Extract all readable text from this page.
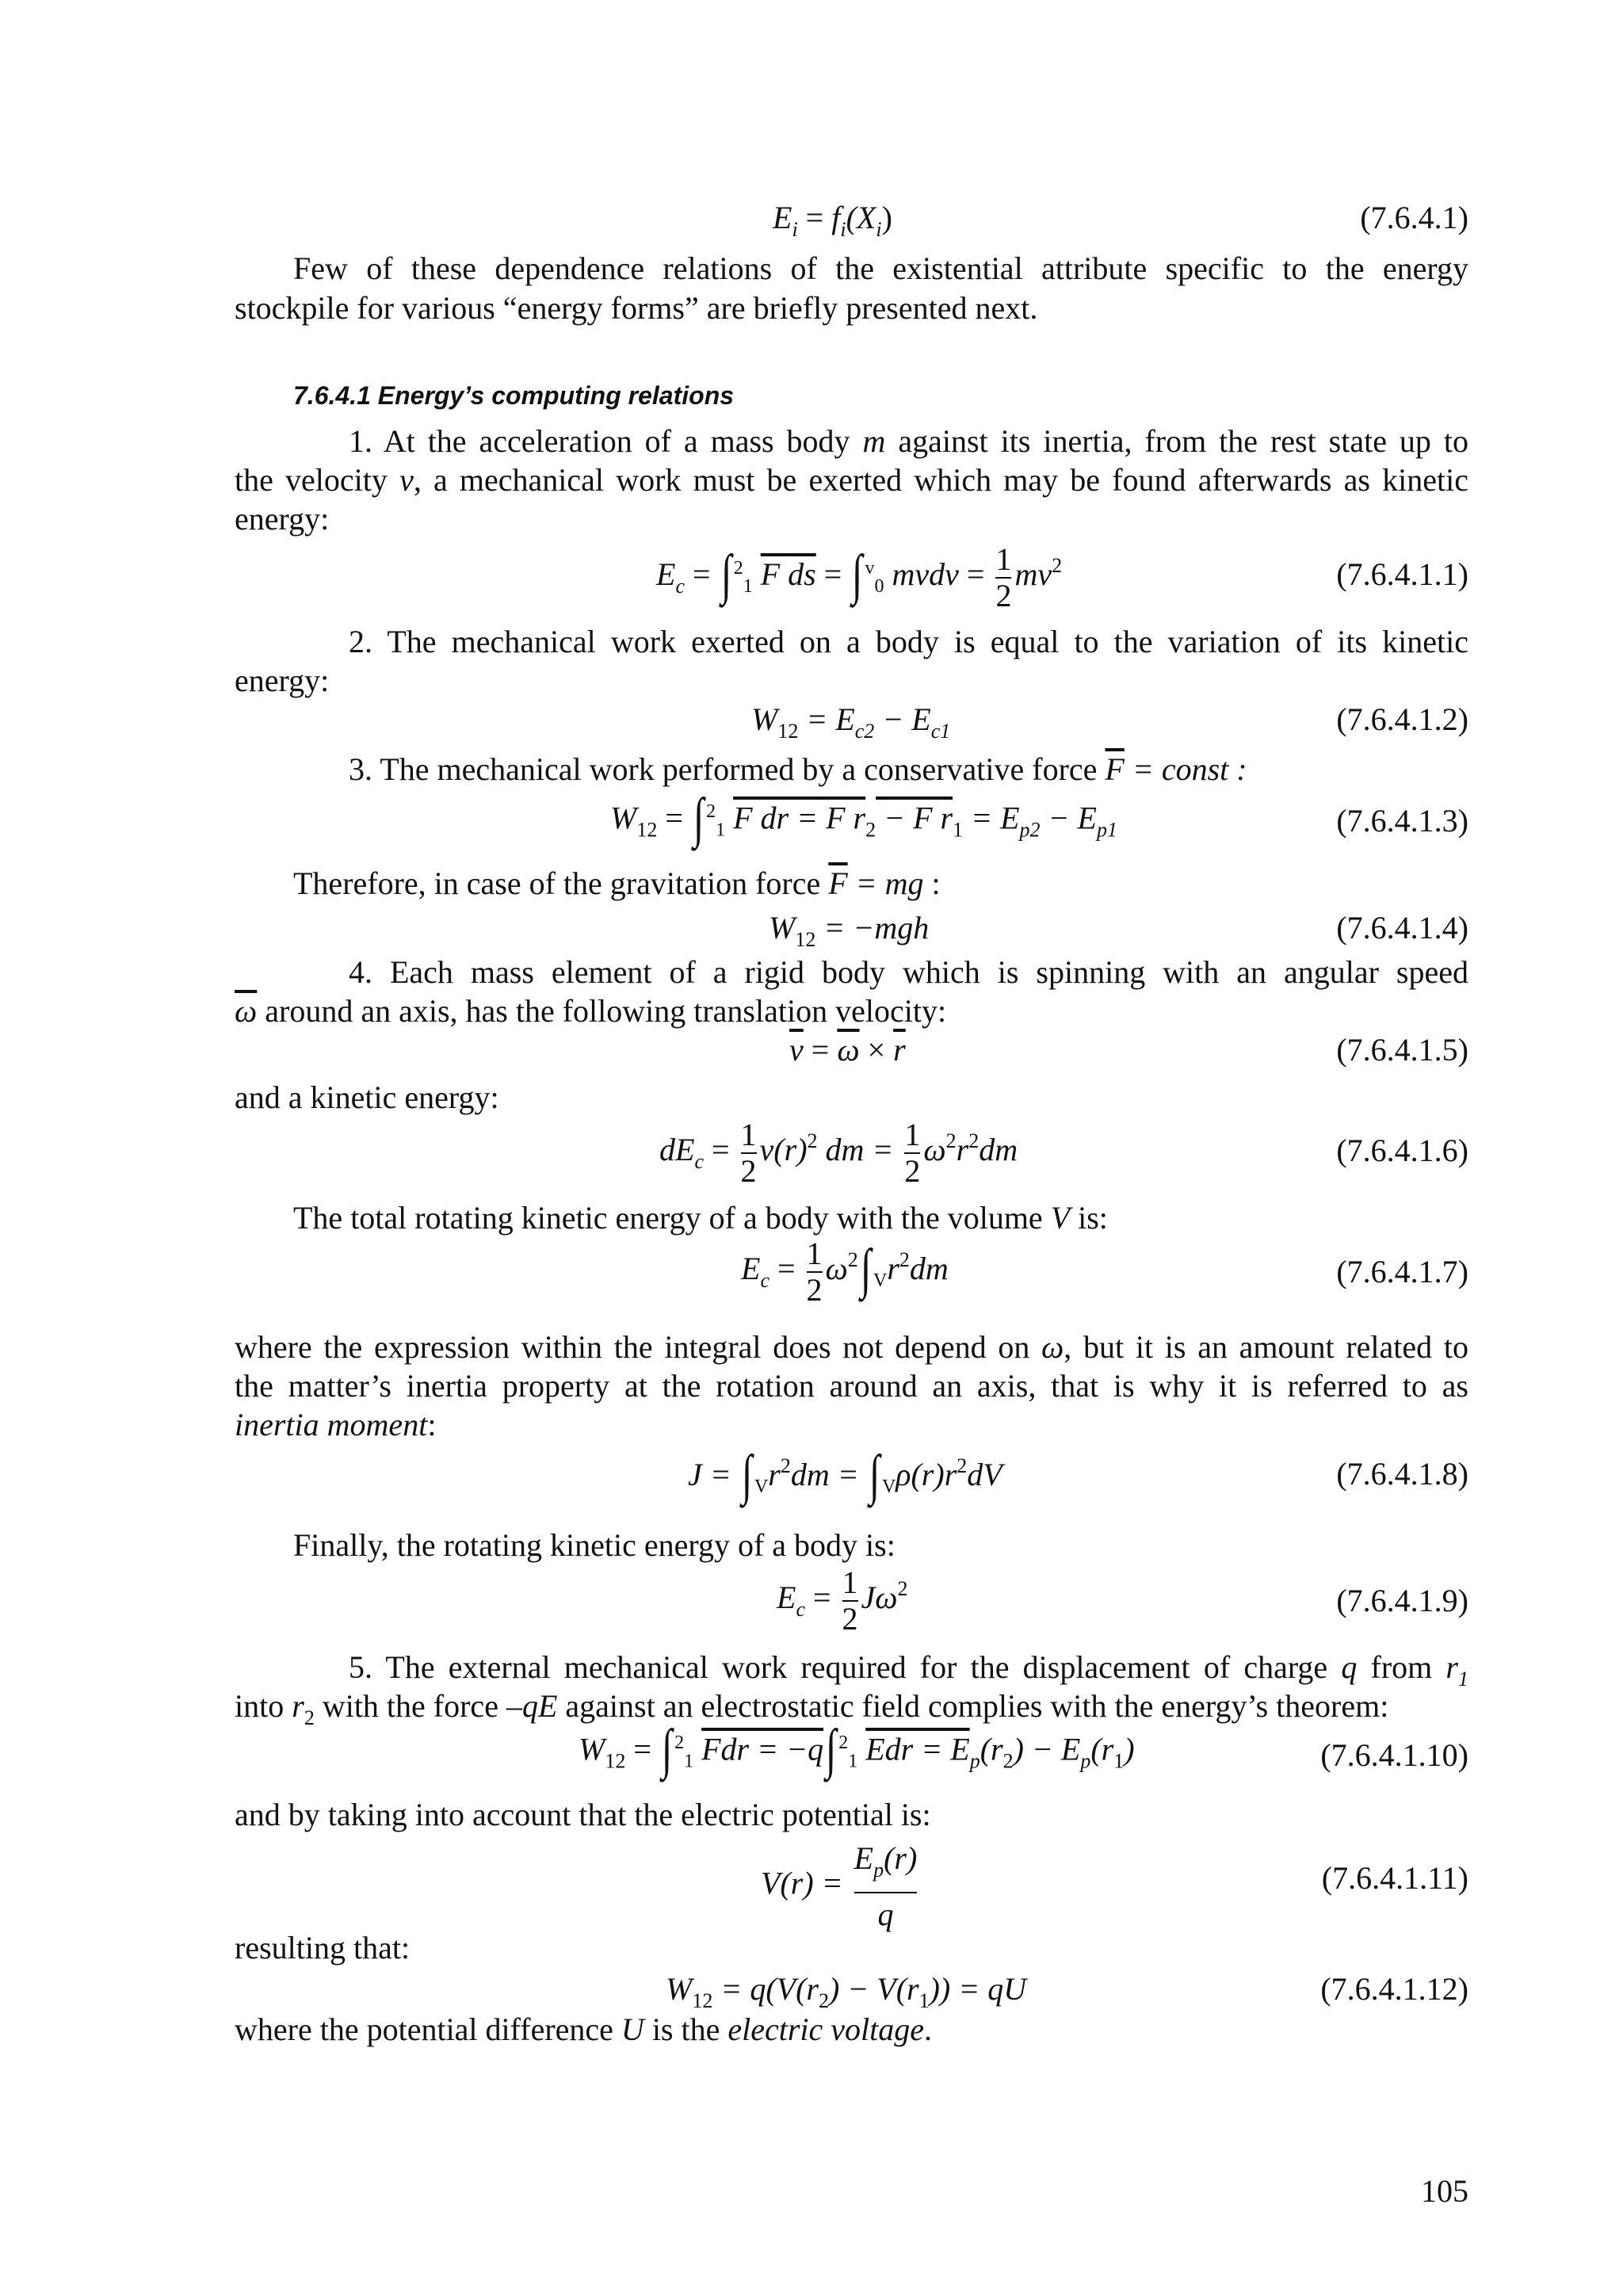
$E_i = f_i(X_i)$	(7.6.4.1)
Few of these dependence relations of the existential attribute specific to the energy
stockpile for various “energy forms” are briefly presented next.
7.6.4.1 Energy’s computing relations
1. At the acceleration of a mass body m against its inertia, from the rest state up to
the velocity v, a mechanical work must be exerted which may be found afterwards as kinetic
energy:
$E_c$ = ∫ $^2_1$ F ds = ∫ $^v_0$ mvdv = $\frac{1}{2} mv^2$	(7.6.4.1.1)
2. The mechanical work exerted on a body is equal to the variation of its kinetic
energy:
$W_{12} = E_{c2} - E_{c1}$	(7.6.4.1.2)
3. The mechanical work performed by a conservative force $\overline{F}$ = const :
$W_{12}$ = ∫ $^2_1$ F dr = F $r_2 - F$ $r_1 = E_{p2} - E_{p1}$	(7.6.4.1.3)
Therefore, in case of the gravitation force $\overline{F}$ = mg :
$W_{12} = -mgh$	(7.6.4.1.4)
4. Each mass element of a rigid body which is spinning with an angular speed
$\overline{\omega}$ around an axis, has the following translation velocity:
$\overline{v} = \overline{\omega} \times \overline{r}$	(7.6.4.1.5)
and a kinetic energy:
$dE_c = \frac{1}{2} v(r)^2$ dm = $\frac{1}{2} \omega^2r^2dm$	(7.6.4.1.6)
The total rotating kinetic energy of a body with the volume V is:
$E_c = \frac{1}{2} \omega^2\int$ $_Vr^2dm$	(7.6.4.1.7)
where the expression within the integral does not depend on ω, but it is an amount related to
the matter’s inertia property at the rotation around an axis, that is why it is referred to as
inertia moment:
J = ∫ $_Vr^2dm$ = ∫ $_V\rho(r)r^2dV$	(7.6.4.1.8)
Finally, the rotating kinetic energy of a body is:
$E_c = \frac{1}{2} J\omega^2$	(7.6.4.1.9)
5. The external mechanical work required for the displacement of charge q from $r_1$
into $r_2$ with the force –qE against an electrostatic field complies with the energy’s theorem:
$W_{12}$ = ∫ $^2_1$ Fdr = −q∫ $^2_1$ Edr = $E_p(r_2) - E_p(r_1)$	(7.6.4.1.10)
and by taking into account that the electric potential is:
$V(r) = \frac{E_p(r)}{q}$	(7.6.4.1.11)
resulting that:
$W_{12} = q(V(r_2) - V(r_1))$ = qU	(7.6.4.1.12)
where the potential difference U is the electric voltage.
105
